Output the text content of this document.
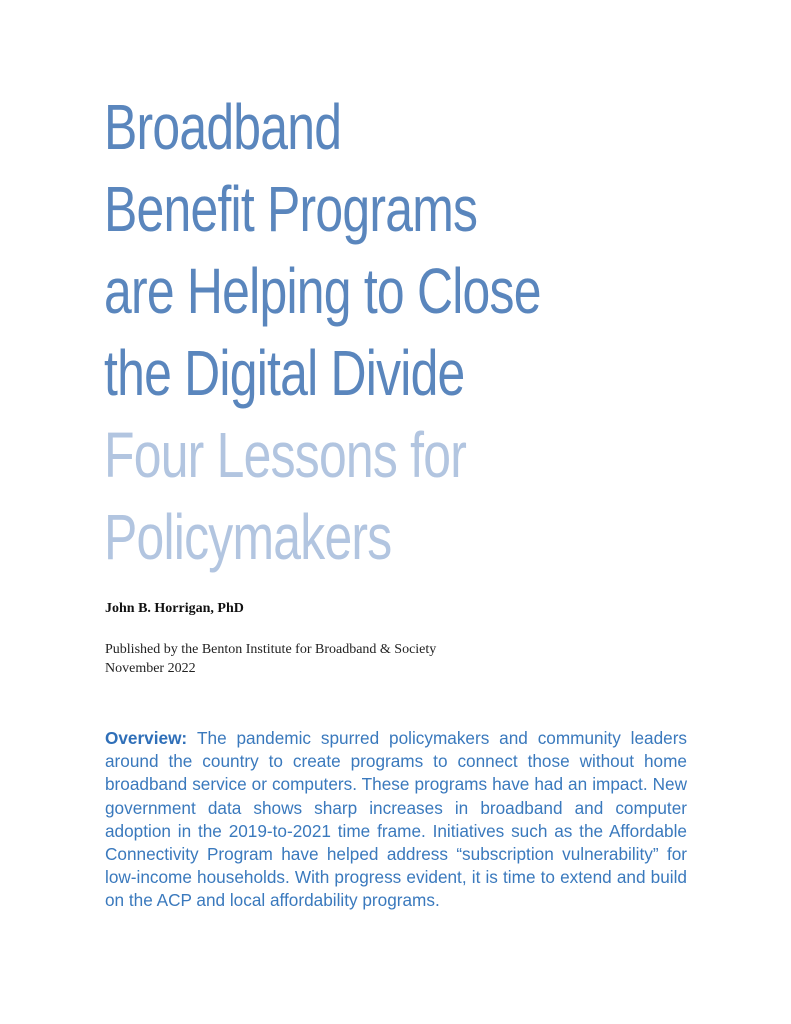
Broadband
Benefit Programs
are Helping to Close
the Digital Divide
Four Lessons for
Policymakers
John B. Horrigan, PhD
Published by the Benton Institute for Broadband & Society
November 2022

Overview: The pandemic spurred policymakers and community leaders around the country to create programs to connect those without home broadband service or computers. These programs have had an impact. New government data shows sharp increases in broadband and computer adoption in the 2019-to-2021 time frame. Initiatives such as the Affordable Connectivity Program have helped address “subscription vulnerability” for low-income households. With progress evident, it is time to extend and build on the ACP and local affordability programs.
